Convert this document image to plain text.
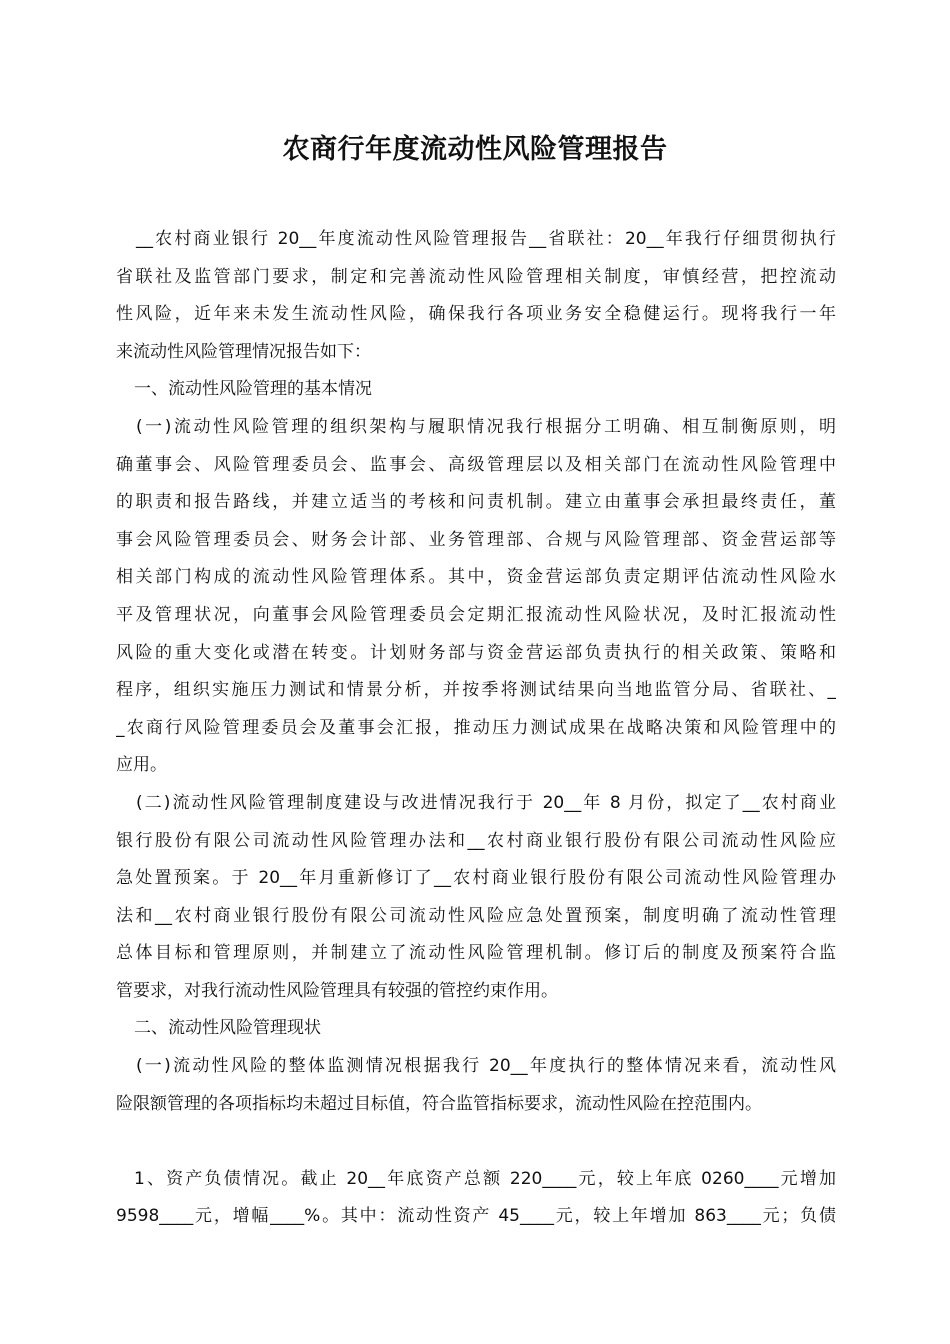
农商行年度流动性风险管理报告

__农村商业银行 20__年度流动性风险管理报告__省联社：20__年我行仔细贯彻执行

省联社及监管部门要求，制定和完善流动性风险管理相关制度，审慎经营，把控流动

性风险，近年来未发生流动性风险，确保我行各项业务安全稳健运行。现将我行一年

来流动性风险管理情况报告如下：

一、流动性风险管理的基本情况

(一)流动性风险管理的组织架构与履职情况我行根据分工明确、相互制衡原则，明

确董事会、风险管理委员会、监事会、高级管理层以及相关部门在流动性风险管理中

的职责和报告路线，并建立适当的考核和问责机制。建立由董事会承担最终责任，董

事会风险管理委员会、财务会计部、业务管理部、合规与风险管理部、资金营运部等

相关部门构成的流动性风险管理体系。其中，资金营运部负责定期评估流动性风险水

平及管理状况，向董事会风险管理委员会定期汇报流动性风险状况，及时汇报流动性

风险的重大变化或潜在转变。计划财务部与资金营运部负责执行的相关政策、策略和

程序，组织实施压力测试和情景分析，并按季将测试结果向当地监管分局、省联社、_

_农商行风险管理委员会及董事会汇报，推动压力测试成果在战略决策和风险管理中的

应用。

(二)流动性风险管理制度建设与改进情况我行于 20__年 8 月份，拟定了__农村商业

银行股份有限公司流动性风险管理办法和__农村商业银行股份有限公司流动性风险应

急处置预案。于 20__年月重新修订了__农村商业银行股份有限公司流动性风险管理办

法和__农村商业银行股份有限公司流动性风险应急处置预案，制度明确了流动性管理

总体目标和管理原则，并制建立了流动性风险管理机制。修订后的制度及预案符合监

管要求，对我行流动性风险管理具有较强的管控约束作用。

二、流动性风险管理现状

(一)流动性风险的整体监测情况根据我行 20__年度执行的整体情况来看，流动性风

险限额管理的各项指标均未超过目标值，符合监管指标要求，流动性风险在控范围内。

1、资产负债情况。截止 20__年底资产总额 220____元，较上年底 0260____元增加

9598____元，增幅____%。其中：流动性资产 45____元，较上年增加 863____元；负债
